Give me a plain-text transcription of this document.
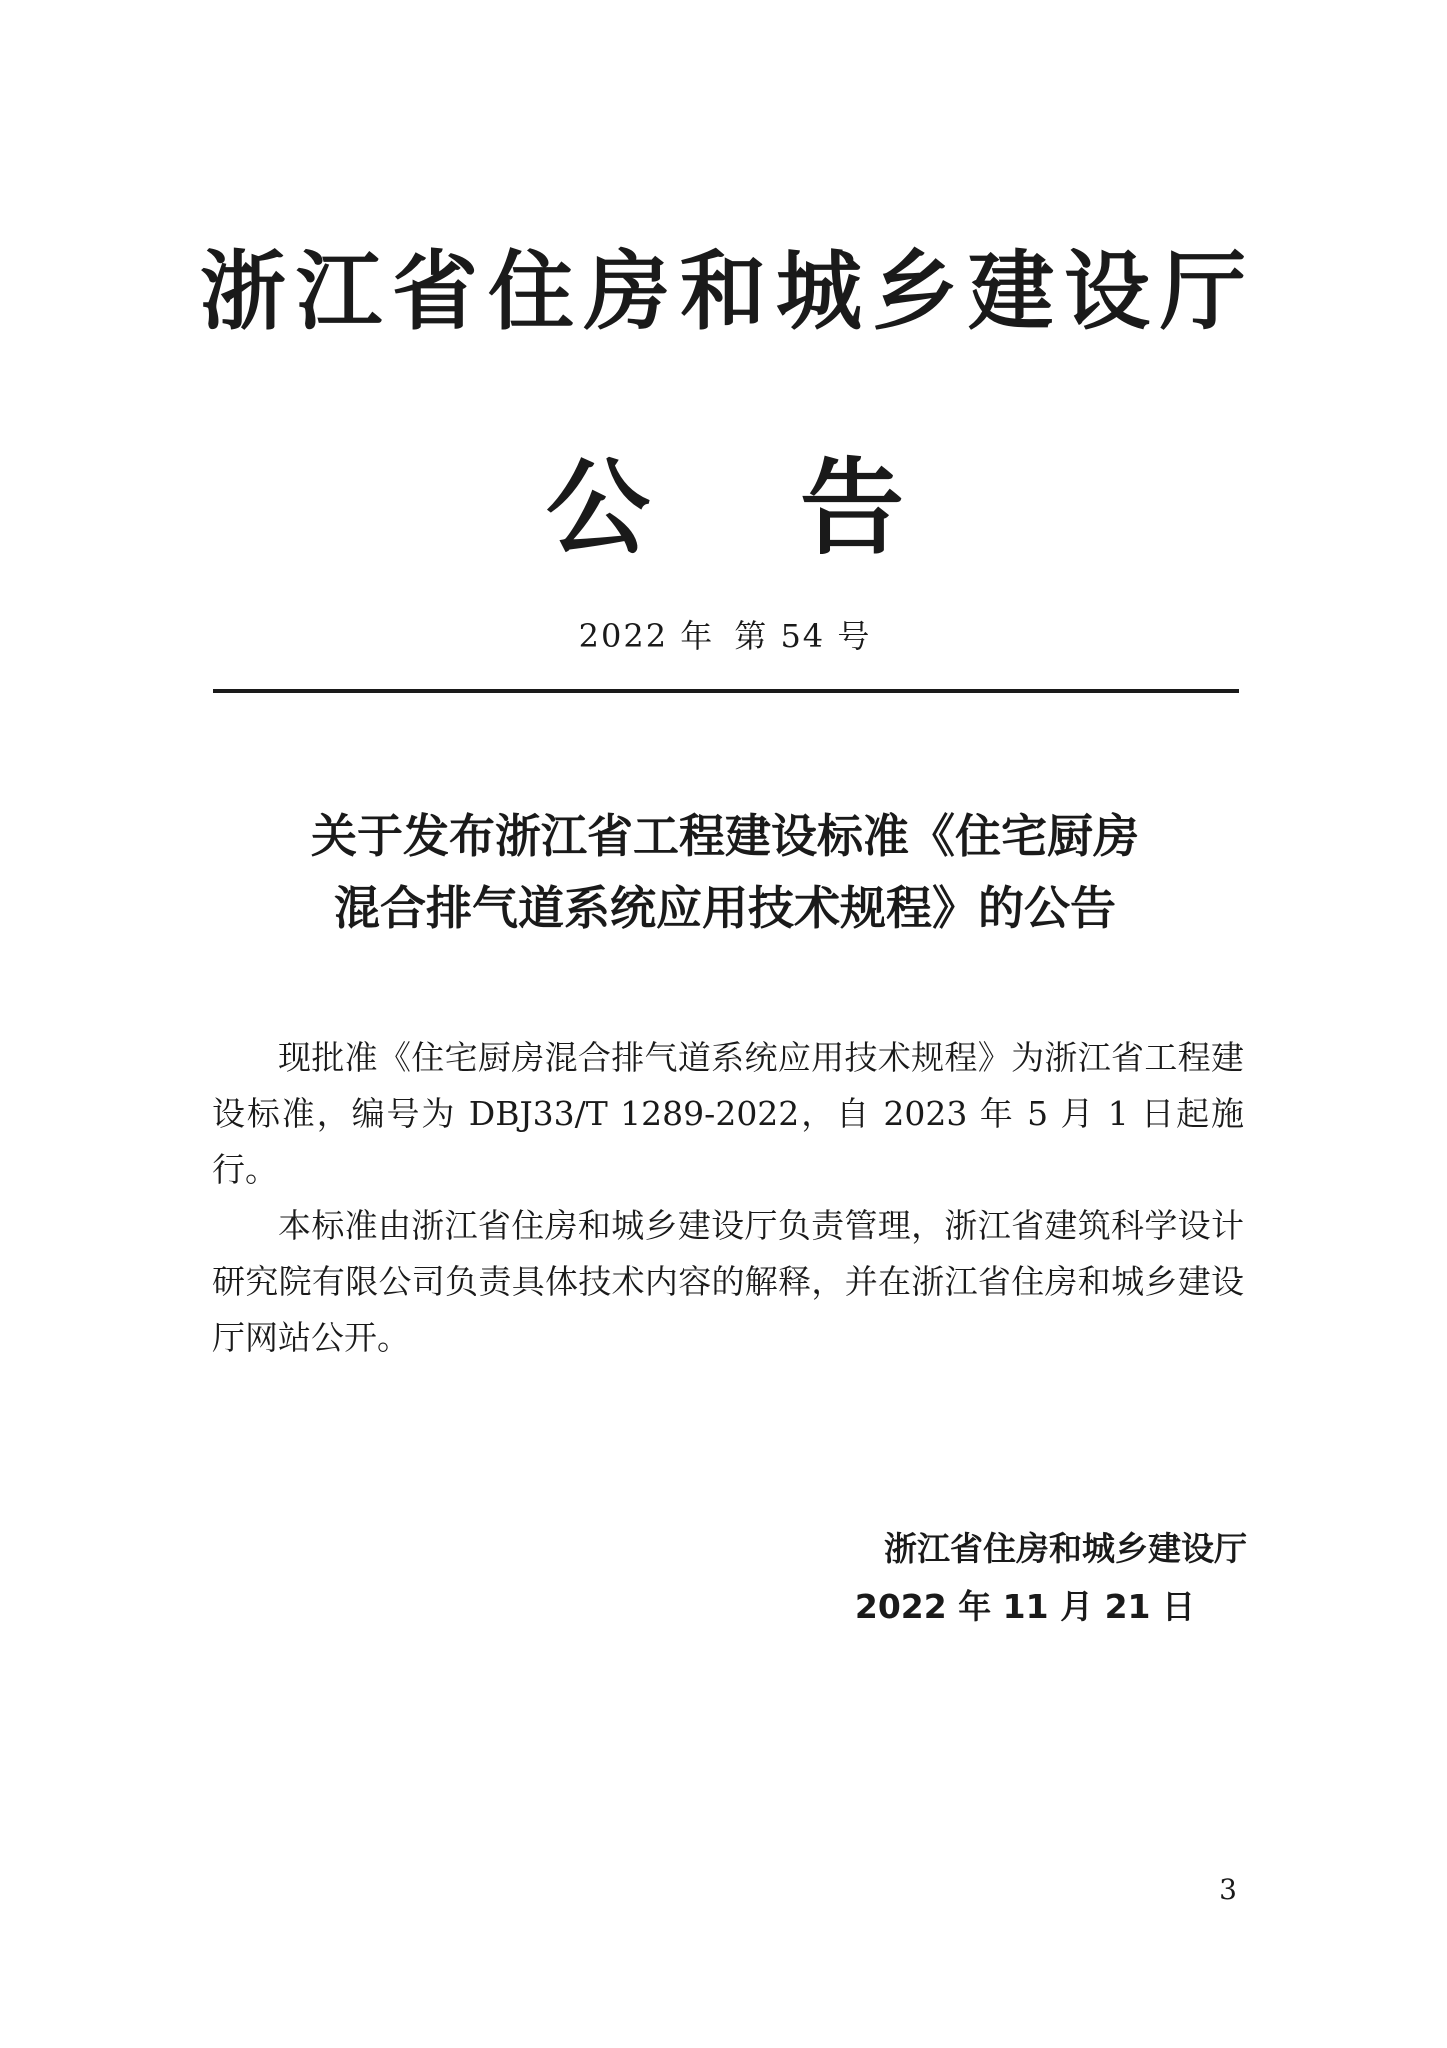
浙江省住房和城乡建设厅
公 告
2022 年 第 54 号
关于发布浙江省工程建设标准《住宅厨房
混合排气道系统应用技术规程》的公告

现批准《住宅厨房混合排气道系统应用技术规程》为浙江省工程建设标准，编号为 DBJ33/T 1289-2022，自 2023 年 5 月 1 日起施行。

本标准由浙江省住房和城乡建设厅负责管理，浙江省建筑科学设计研究院有限公司负责具体技术内容的解释，并在浙江省住房和城乡建设厅网站公开。

浙江省住房和城乡建设厅
2022 年 11 月 21 日
3
